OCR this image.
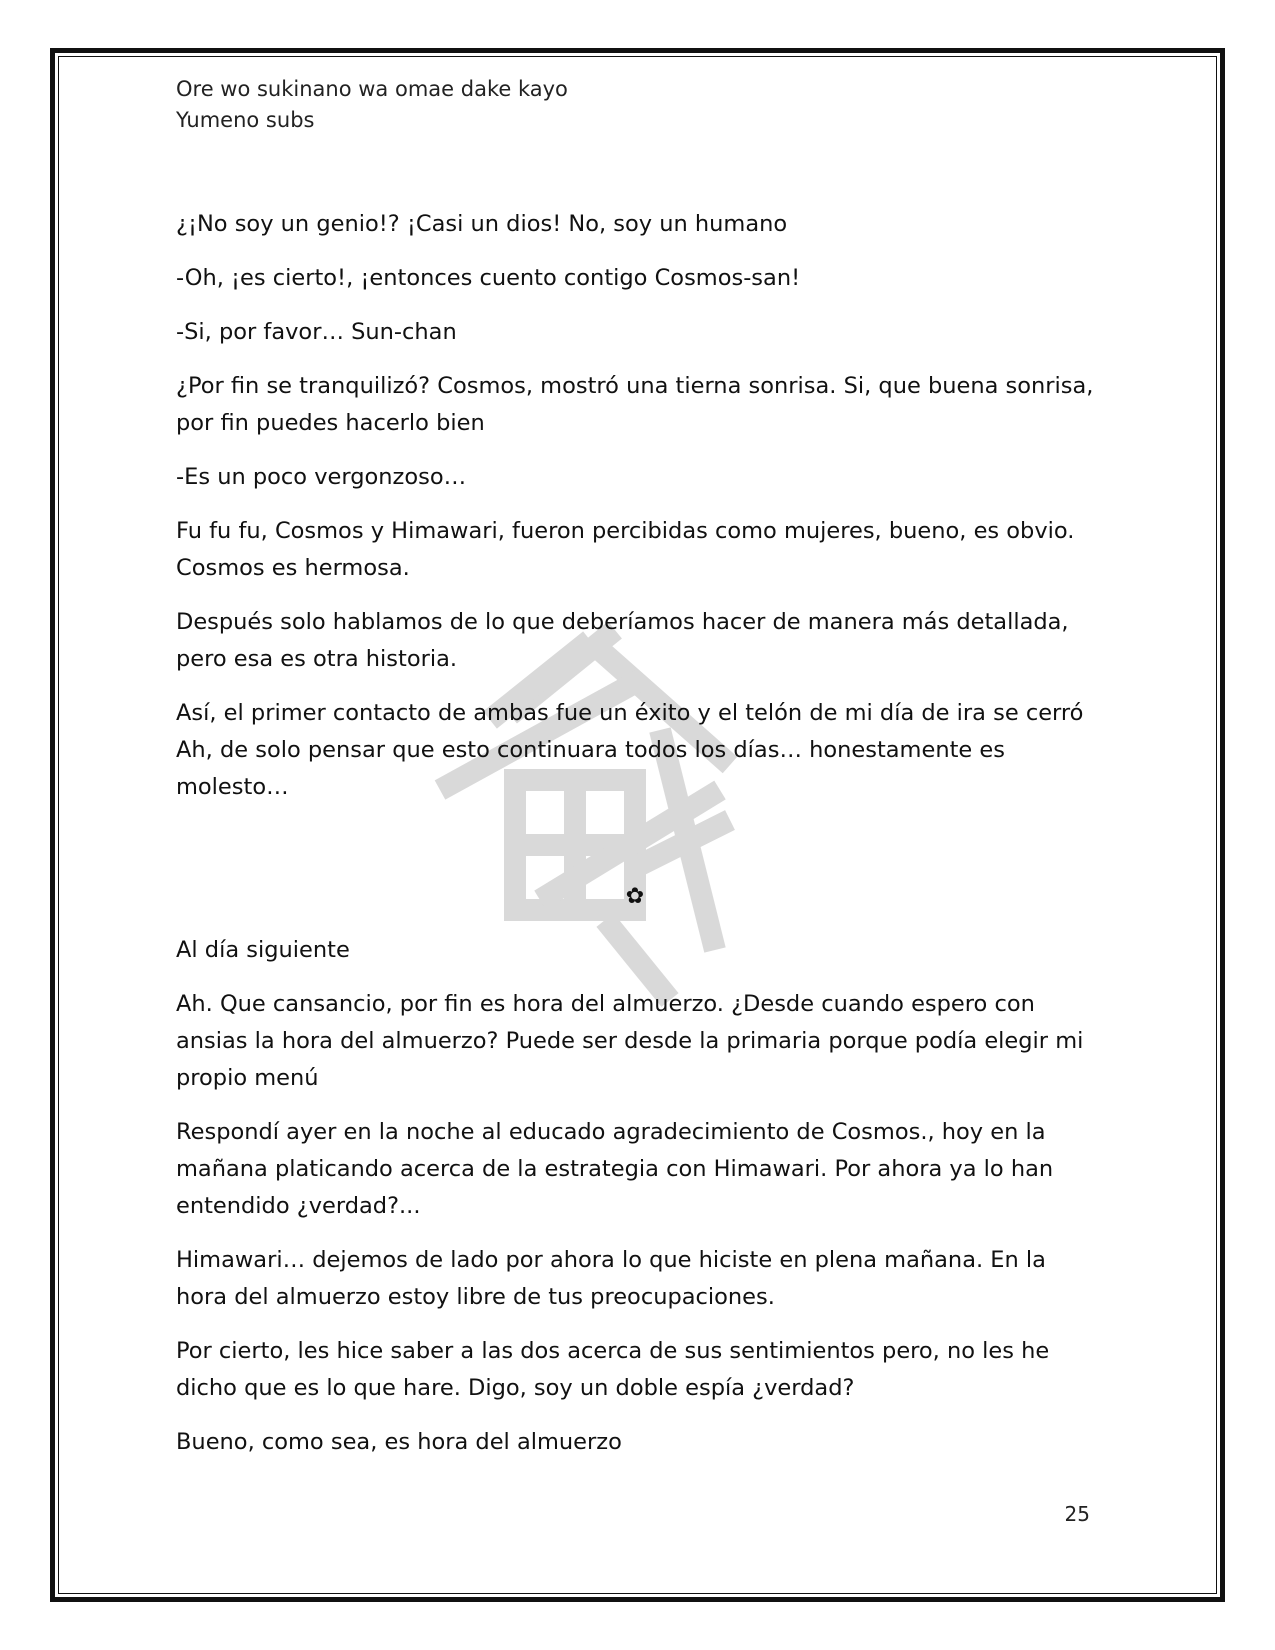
Ore wo sukinano wa omae dake kayo
Yumeno subs

¿¡No soy un genio!? ¡Casi un dios! No, soy un humano

-Oh, ¡es cierto!, ¡entonces cuento contigo Cosmos-san!

-Si, por favor… Sun-chan

¿Por fin se tranquilizó? Cosmos, mostró una tierna sonrisa. Si, que buena sonrisa, por fin puedes hacerlo bien

-Es un poco vergonzoso…

Fu fu fu, Cosmos y Himawari, fueron percibidas como mujeres, bueno, es obvio. Cosmos es hermosa.

Después solo hablamos de lo que deberíamos hacer de manera más detallada, pero esa es otra historia.

Así, el primer contacto de ambas fue un éxito y el telón de mi día de ira se cerró Ah, de solo pensar que esto continuara todos los días… honestamente es molesto…

✿

Al día siguiente

Ah. Que cansancio, por fin es hora del almuerzo. ¿Desde cuando espero con ansias la hora del almuerzo? Puede ser desde la primaria porque podía elegir mi propio menú

Respondí ayer en la noche al educado agradecimiento de Cosmos., hoy en la mañana platicando acerca de la estrategia con Himawari. Por ahora ya lo han entendido ¿verdad?...

Himawari… dejemos de lado por ahora lo que hiciste en plena mañana. En la hora del almuerzo estoy libre de tus preocupaciones.

Por cierto, les hice saber a las dos acerca de sus sentimientos pero, no les he dicho que es lo que hare. Digo, soy un doble espía ¿verdad?

Bueno, como sea, es hora del almuerzo

25
